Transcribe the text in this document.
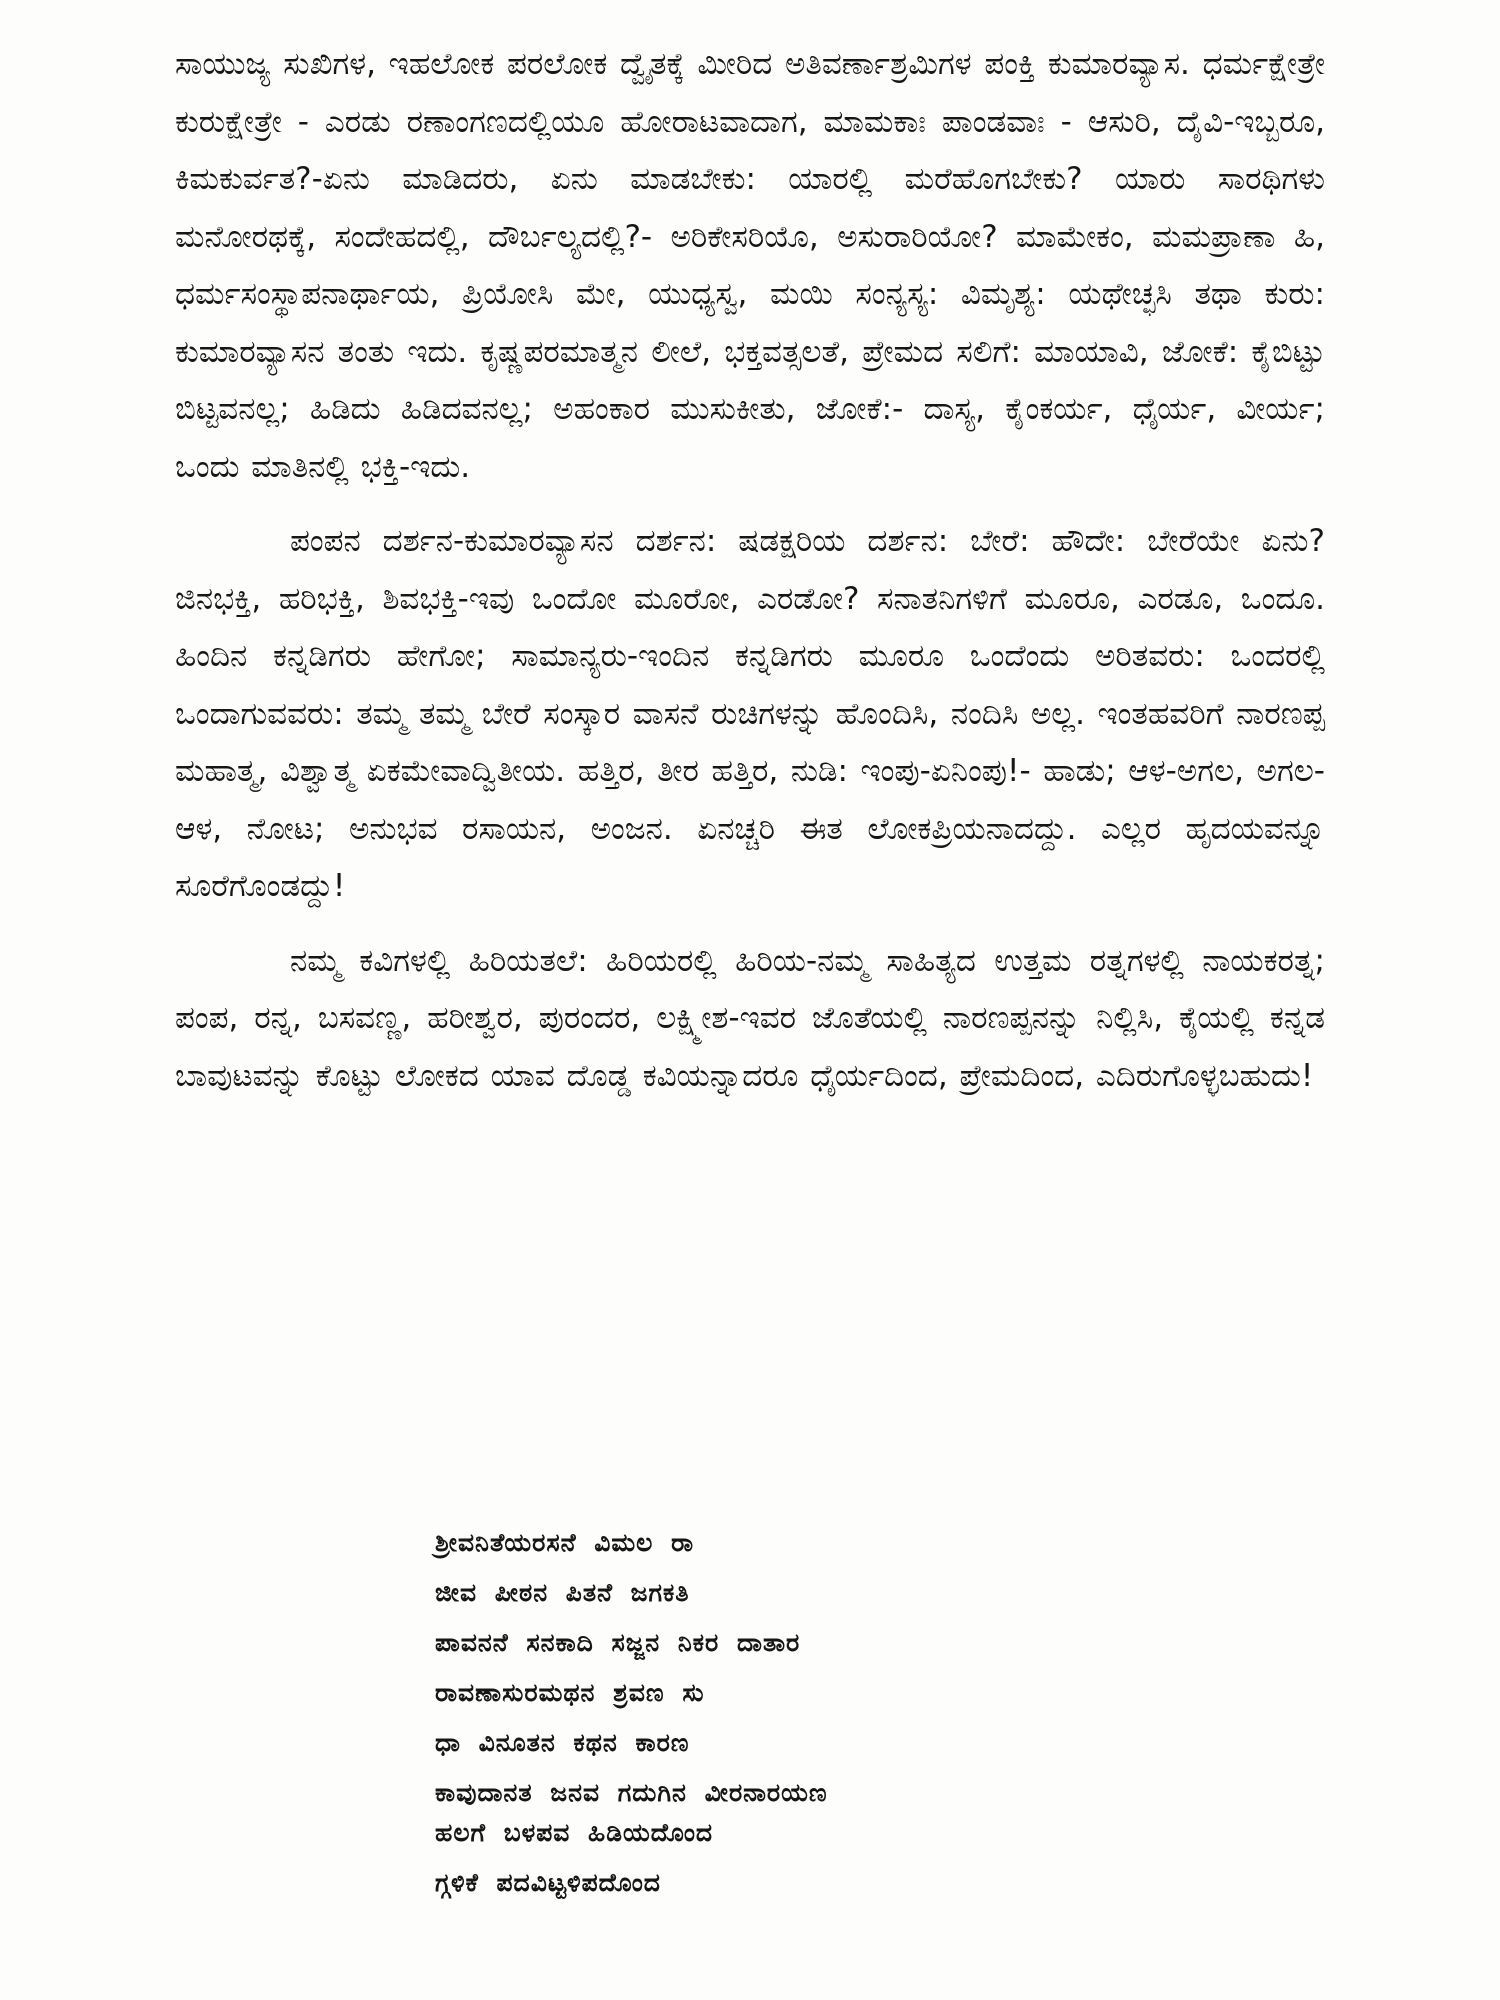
ಸಾಯುಜ್ಯ ಸುಖಿಗಳ, ಇಹಲೋಕ ಪರಲೋಕ ದ್ವೈತಕ್ಕೆ ಮೀರಿದ ಅತಿವರ್ಣಾಶ್ರಮಿಗಳ ಪಂಕ್ತಿ ಕುಮಾರವ್ಯಾಸ. ಧರ್ಮಕ್ಷೇತ್ರೇ ಕುರುಕ್ಷೇತ್ರೇ - ಎರಡು ರಣಾಂಗಣದಲ್ಲಿಯೂ ಹೋರಾಟವಾದಾಗ, ಮಾಮಕಾಃ ಪಾಂಡವಾಃ - ಆಸುರಿ, ದೈವಿ-ಇಬ್ಬರೂ, ಕಿಮಕುರ್ವತ?-ಏನು ಮಾಡಿದರು, ಏನು ಮಾಡಬೇಕು: ಯಾರಲ್ಲಿ ಮರೆಹೊಗಬೇಕು? ಯಾರು ಸಾರಥಿಗಳು ಮನೋರಥಕ್ಕೆ, ಸಂದೇಹದಲ್ಲಿ, ದೌರ್ಬಲ್ಯದಲ್ಲಿ?- ಅರಿಕೇಸರಿಯೊ, ಅಸುರಾರಿಯೋ? ಮಾಮೇಕಂ, ಮಮಪ್ರಾಣಾ ಹಿ, ಧರ್ಮಸಂಸ್ಥಾಪನಾರ್ಥಾಯ, ಪ್ರಿಯೋಸಿ ಮೇ, ಯುಧ್ಯಸ್ವ, ಮಯಿ ಸಂನ್ಯಸ್ಯ: ವಿಮೃಶ್ಯ: ಯಥೇಚ್ಛಸಿ ತಥಾ ಕುರು: ಕುಮಾರವ್ಯಾಸನ ತಂತು ಇದು. ಕೃಷ್ಣಪರಮಾತ್ಮನ ಲೀಲೆ, ಭಕ್ತವತ್ಸಲತೆ, ಪ್ರೇಮದ ಸಲಿಗೆ: ಮಾಯಾವಿ, ಜೋಕೆ: ಕೈಬಿಟ್ಟು ಬಿಟ್ಟವನಲ್ಲ; ಹಿಡಿದು ಹಿಡಿದವನಲ್ಲ; ಅಹಂಕಾರ ಮುಸುಕೀತು, ಜೋಕೆ:- ದಾಸ್ಯ, ಕೈಂಕರ್ಯ, ಧೈರ್ಯ, ವೀರ್ಯ; ಒಂದು ಮಾತಿನಲ್ಲಿ ಭಕ್ತಿ-ಇದು.

ಪಂಪನ ದರ್ಶನ-ಕುಮಾರವ್ಯಾಸನ ದರ್ಶನ: ಷಡಕ್ಷರಿಯ ದರ್ಶನ: ಬೇರೆ: ಹೌದೇ: ಬೇರೆಯೇ ಏನು? ಜಿನಭಕ್ತಿ, ಹರಿಭಕ್ತಿ, ಶಿವಭಕ್ತಿ-ಇವು ಒಂದೋ ಮೂರೋ, ಎರಡೋ? ಸನಾತನಿಗಳಿಗೆ ಮೂರೂ, ಎರಡೂ, ಒಂದೂ. ಹಿಂದಿನ ಕನ್ನಡಿಗರು ಹೇಗೋ; ಸಾಮಾನ್ಯರು-ಇಂದಿನ ಕನ್ನಡಿಗರು ಮೂರೂ ಒಂದೆಂದು ಅರಿತವರು: ಒಂದರಲ್ಲಿ ಒಂದಾಗುವವರು: ತಮ್ಮ ತಮ್ಮ ಬೇರೆ ಸಂಸ್ಕಾರ ವಾಸನೆ ರುಚಿಗಳನ್ನು ಹೊಂದಿಸಿ, ನಂದಿಸಿ ಅಲ್ಲ. ಇಂತಹವರಿಗೆ ನಾರಣಪ್ಪ ಮಹಾತ್ಮ, ವಿಶ್ವಾತ್ಮ ಏಕಮೇವಾದ್ವಿತೀಯ. ಹತ್ತಿರ, ತೀರ ಹತ್ತಿರ, ನುಡಿ: ಇಂಪು-ಏನಿಂಪು!- ಹಾಡು; ಆಳ-ಅಗಲ, ಅಗಲ-ಆಳ, ನೋಟ; ಅನುಭವ ರಸಾಯನ, ಅಂಜನ. ಏನಚ್ಚರಿ ಈತ ಲೋಕಪ್ರಿಯನಾದದ್ದು. ಎಲ್ಲರ ಹೃದಯವನ್ನೂ ಸೂರೆಗೊಂಡದ್ದು!

ನಮ್ಮ ಕವಿಗಳಲ್ಲಿ ಹಿರಿಯತಲೆ: ಹಿರಿಯರಲ್ಲಿ ಹಿರಿಯ-ನಮ್ಮ ಸಾಹಿತ್ಯದ ಉತ್ತಮ ರತ್ನಗಳಲ್ಲಿ ನಾಯಕರತ್ನ; ಪಂಪ, ರನ್ನ, ಬಸವಣ್ಣ, ಹರೀಶ್ವರ, ಪುರಂದರ, ಲಕ್ಷ್ಮೀಶ-ಇವರ ಜೊತೆಯಲ್ಲಿ ನಾರಣಪ್ಪನನ್ನು ನಿಲ್ಲಿಸಿ, ಕೈಯಲ್ಲಿ ಕನ್ನಡ ಬಾವುಟವನ್ನು ಕೊಟ್ಟು ಲೋಕದ ಯಾವ ದೊಡ್ಡ ಕವಿಯನ್ನಾದರೂ ಧೈರ್ಯದಿಂದ, ಪ್ರೇಮದಿಂದ, ಎದಿರುಗೊಳ್ಳಬಹುದು!

ಶ್ರೀವನಿತೆಯರಸನೆ ವಿಮಲ ರಾ
ಜೀವ ಪೀಠನ ಪಿತನೆ ಜಗಕತಿ
ಪಾವನನೆ ಸನಕಾದಿ ಸಜ್ಜನ ನಿಕರ ದಾತಾರ
ರಾವಣಾಸುರಮಥನ ಶ್ರವಣ ಸು
ಧಾ ವಿನೂತನ ಕಥನ ಕಾರಣ
ಕಾವುದಾನತ ಜನವ ಗದುಗಿನ ವೀರನಾರಯಣ
ಹಲಗೆ ಬಳಪವ ಹಿಡಿಯದೊಂದ
ಗ್ಗಳಿಕೆ ಪದವಿಟ್ಟಳಿಪದೊಂದ
